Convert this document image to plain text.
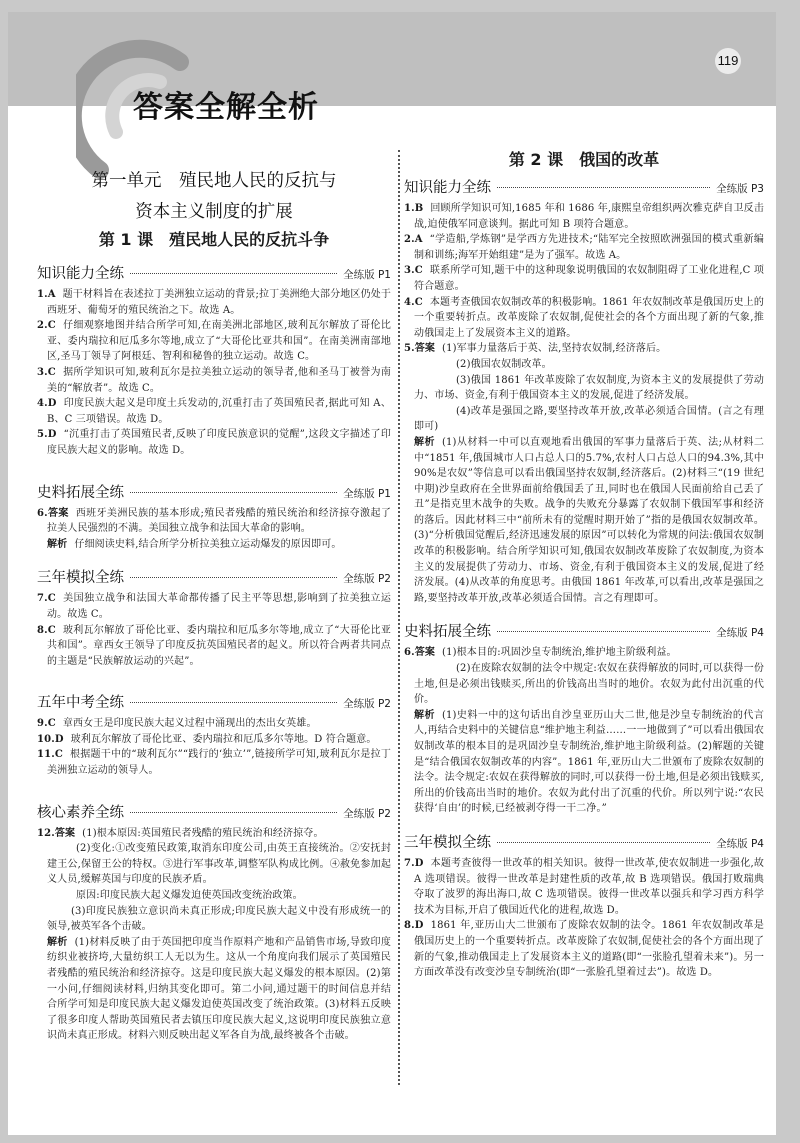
119
答案全解全析
第一单元　殖民地人民的反抗与
资本主义制度的扩展
第 1 课　殖民地人民的反抗斗争
知识能力全练	全练版 P1
1.A 题干材料旨在表述拉丁美洲独立运动的背景;拉丁美洲绝大部分地区仍处于西班牙、葡萄牙的殖民统治之下。故选 A。
2.C 仔细观察地图并结合所学可知,在南美洲北部地区,玻利瓦尔解放了哥伦比亚、委内瑞拉和厄瓜多尔等地,成立了“大哥伦比亚共和国”。在南美洲南部地区,圣马丁领导了阿根廷、智利和秘鲁的独立运动。故选 C。
3.C 据所学知识可知,玻利瓦尔是拉美独立运动的领导者,他和圣马丁被誉为南美的“解放者”。故选 C。
4.D 印度民族大起义是印度土兵发动的,沉重打击了英国殖民者,据此可知 A、B、C 三项错误。故选 D。
5.D “沉重打击了英国殖民者,反映了印度民族意识的觉醒”,这段文字描述了印度民族大起义的影响。故选 D。
史料拓展全练	全练版 P1
6.答案 西班牙美洲民族的基本形成;殖民者残酷的殖民统治和经济掠夺激起了拉美人民强烈的不满。美国独立战争和法国大革命的影响。
解析 仔细阅读史料,结合所学分析拉美独立运动爆发的原因即可。
三年模拟全练	全练版 P2
7.C 美国独立战争和法国大革命都传播了民主平等思想,影响到了拉美独立运动。故选 C。
8.C 玻利瓦尔解放了哥伦比亚、委内瑞拉和厄瓜多尔等地,成立了“大哥伦比亚共和国”。章西女王领导了印度反抗英国殖民者的起义。所以符合两者共同点的主题是“民族解放运动的兴起”。
五年中考全练	全练版 P2
9.C 章西女王是印度民族大起义过程中涌现出的杰出女英雄。
10.D 玻利瓦尔解放了哥伦比亚、委内瑞拉和厄瓜多尔等地。D 符合题意。
11.C 根据题干中的“玻利瓦尔”“践行的‘独立’”,链接所学可知,玻利瓦尔是拉丁美洲独立运动的领导人。
核心素养全练	全练版 P2
12.答案 (1)根本原因:英国殖民者残酷的殖民统治和经济掠夺。
(2)变化:①改变殖民政策,取消东印度公司,由英王直接统治。②安抚封建王公,保留王公的特权。③进行军事改革,调整军队构成比例。④赦免参加起义人员,缓解英国与印度的民族矛盾。
原因:印度民族大起义爆发迫使英国改变统治政策。
(3)印度民族独立意识尚未真正形成;印度民族大起义中没有形成统一的领导,被英军各个击破。
解析 (1)材料反映了由于英国把印度当作原料产地和产品销售市场,导致印度纺织业被挤垮,大量纺织工人无以为生。这从一个角度向我们展示了英国殖民者残酷的殖民统治和经济掠夺。这是印度民族大起义爆发的根本原因。(2)第一小问,仔细阅读材料,归纳其变化即可。第二小问,通过题干的时间信息并结合所学可知是印度民族大起义爆发迫使英国改变了统治政策。(3)材料五反映了很多印度人帮助英国殖民者去镇压印度民族大起义,这说明印度民族独立意识尚未真正形成。材料六则反映出起义军各自为战,最终被各个击破。
第 2 课　俄国的改革
知识能力全练	全练版 P3
1.B 回顾所学知识可知,1685 年和 1686 年,康熙皇帝组织两次雅克萨自卫反击战,迫使俄军同意谈判。据此可知 B 项符合题意。
2.A “学造船,学炼钢”是学西方先进技术;“陆军完全按照欧洲强国的模式重新编制和训练;海军开始组建”是为了强军。故选 A。
3.C 联系所学可知,题干中的这种现象说明俄国的农奴制阻碍了工业化进程,C 项符合题意。
4.C 本题考查俄国农奴制改革的积极影响。1861 年农奴制改革是俄国历史上的一个重要转折点。改革废除了农奴制,促使社会的各个方面出现了新的气象,推动俄国走上了发展资本主义的道路。
5.答案 (1)军事力量落后于英、法,坚持农奴制,经济落后。
(2)俄国农奴制改革。
(3)俄国 1861 年改革废除了农奴制度,为资本主义的发展提供了劳动力、市场、资金,有利于俄国资本主义的发展,促进了经济发展。
(4)改革是强国之路,要坚持改革开放,改革必须适合国情。(言之有理即可)
解析 (1)从材料一中可以直观地看出俄国的军事力量落后于英、法;从材料二中“1851 年,俄国城市人口占总人口的5.7%,农村人口占总人口的94.3%,其中 90%是农奴”等信息可以看出俄国坚持农奴制,经济落后。(2)材料三“(19 世纪中期)沙皇政府在全世界面前给俄国丢了丑,同时也在俄国人民面前给自己丢了丑”是指克里木战争的失败。战争的失败充分暴露了农奴制下俄国军事和经济的落后。因此材料三中“前所未有的觉醒时期开始了”指的是俄国农奴制改革。(3)“分析俄国觉醒后,经济迅速发展的原因”可以转化为常规的问法:俄国农奴制改革的积极影响。结合所学知识可知,俄国农奴制改革废除了农奴制度,为资本主义的发展提供了劳动力、市场、资金,有利于俄国资本主义的发展,促进了经济发展。(4)从改革的角度思考。由俄国 1861 年改革,可以看出,改革是强国之路,要坚持改革开放,改革必须适合国情。言之有理即可。
史料拓展全练	全练版 P4
6.答案 (1)根本目的:巩固沙皇专制统治,维护地主阶级利益。
(2)在废除农奴制的法令中规定:农奴在获得解放的同时,可以获得一份土地,但是必须出钱赎买,所出的价钱高出当时的地价。农奴为此付出沉重的代价。
解析 (1)史料一中的这句话出自沙皇亚历山大二世,他是沙皇专制统治的代言人,再结合史料中的关键信息“维护地主利益……一一地做到了”可以看出俄国农奴制改革的根本目的是巩固沙皇专制统治,维护地主阶级利益。(2)解题的关键是“结合俄国农奴制改革的内容”。1861 年,亚历山大二世颁布了废除农奴制的法令。法令规定:农奴在获得解放的同时,可以获得一份土地,但是必须出钱赎买,所出的价钱高出当时的地价。农奴为此付出了沉重的代价。所以列宁说:“农民获得‘自由’的时候,已经被剥夺得一干二净。”
三年模拟全练	全练版 P4
7.D 本题考查彼得一世改革的相关知识。彼得一世改革,使农奴制进一步强化,故 A 选项错误。彼得一世改革是封建性质的改革,故 B 选项错误。俄国打败瑞典夺取了波罗的海出海口,故 C 选项错误。彼得一世改革以强兵和学习西方科学技术为目标,开启了俄国近代化的进程,故选 D。
8.D 1861 年,亚历山大二世颁布了废除农奴制的法令。1861 年农奴制改革是俄国历史上的一个重要转折点。改革废除了农奴制,促使社会的各个方面出现了新的气象,推动俄国走上了发展资本主义的道路(即“一张脸孔望着未来”)。另一方面改革没有改变沙皇专制统治(即“一张脸孔望着过去”)。故选 D。
